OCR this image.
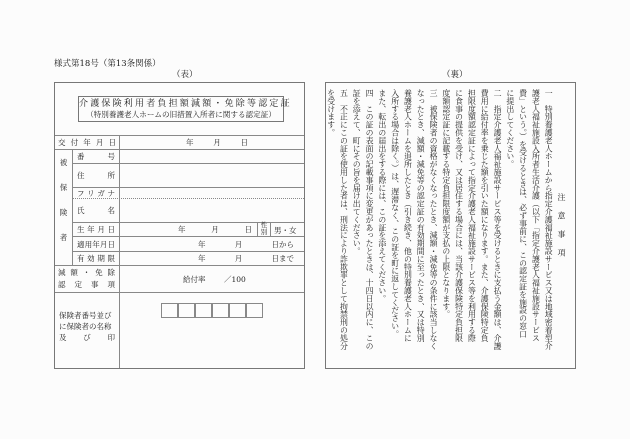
様式第18号（第13条関係）
（表）	（裏）
介護保険利用者負担額減額・免除等認定証
（特別養護老人ホームの旧措置入所者に関する認定証）
交 付 年 月 日	年	月	日
被
保
険
者
番	号
住	所
フ リ ガ ナ
氏	名
生 年 月 日	年	月	日	性別 男・女
適 用 年 月 日	年	月	日から
有 効 期 限	年	月	日まで
減 額 ・ 免 除
認 定 事 項
給付率 ／100
保険者番号並び
に保険者の名称
及 び 印

注 意 事 項

一　特別養護老人ホームから指定介護福祉施設サービス又は地域密着型介

護老人福祉施設入所者生活介護（以下「指定介護老人福祉施設サービス

費」という。）を受けるときは、必ず事前に、この認定証を施設の窓口

に提出してください。

二　指定介護老人福祉施設サービス等を受けるときに支払う金額は、介護

費用に給付率を乗じた額を引いた額になります。また、介護保険特定負

担限度額認定証によって指定介護老人福祉施設サービス等を利用する際

に食事の提供を受け、又は居住する場合には、当該介護保険特定負担限

度額認定証に記載する特定負担限度額が支払の上限となります。

三　被保険者の資格がなくなったとき、減額・減免等の条件に該当しなく

なったとき、減額・減免等の認定証の有効期間に至ったとき、又は特別

養護老人ホームを退所したとき（引き続き、他の特別養護老人ホームに

入所する場合は除く。）は、遅滞なく、この証を町に返してください。

また、転出の届出をする際には、この証を添えてください。

四　この証の表面の記載事項に変更があったときは、十四日以内に、この

証を添えて、町にその旨を届け出てください。

五　不正にこの証を使用した者は、刑法により詐欺罪として拘禁刑の処分

を受けます。
